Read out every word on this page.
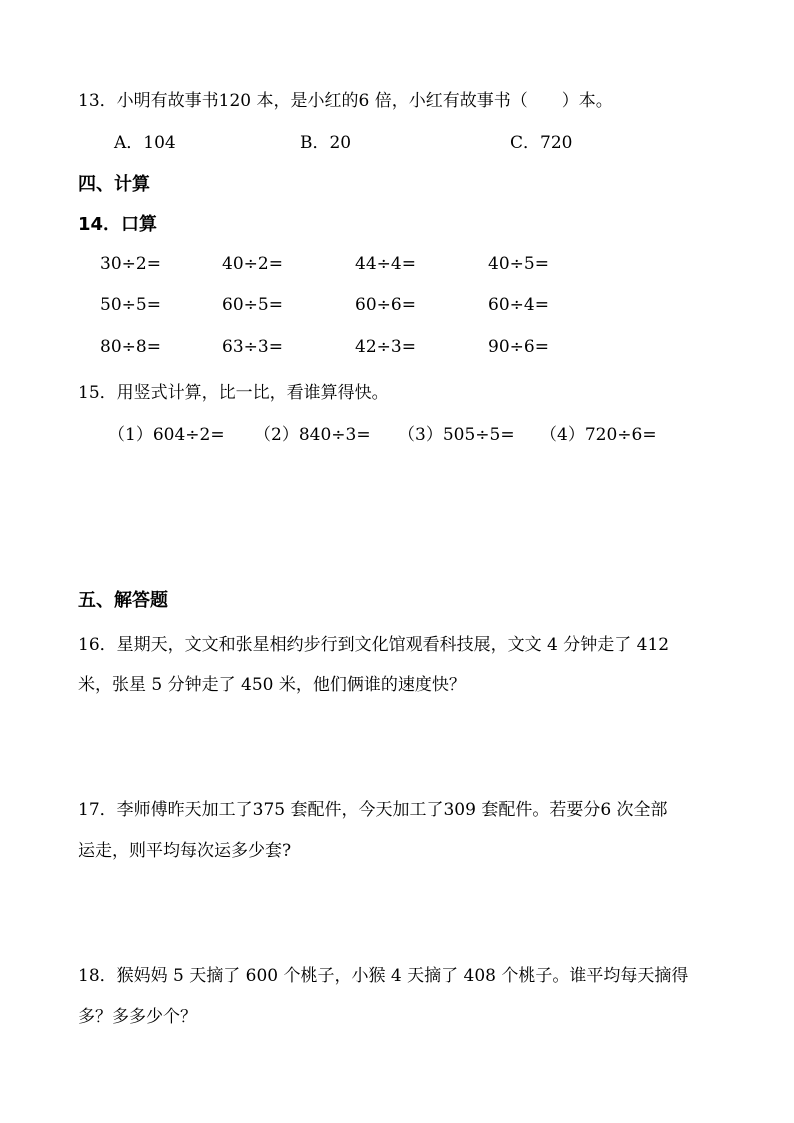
13．小明有故事书120 本，是小红的6 倍，小红有故事书（　　）本。
A．104	B．20	C．720
四、计算
14．口算
30÷2=	40÷2=	44÷4=	40÷5=
50÷5=	60÷5=	60÷6=	60÷4=
80÷8=	63÷3=	42÷3=	90÷6=
15．用竖式计算，比一比，看谁算得快。
（1）604÷2= （2）840÷3= （3）505÷5= （4）720÷6=
五、解答题
16．星期天，文文和张星相约步行到文化馆观看科技展，文文 4 分钟走了 412
米，张星 5 分钟走了 450 米，他们俩谁的速度快？
17．李师傅昨天加工了375 套配件，今天加工了309 套配件。若要分6 次全部
运走，则平均每次运多少套?
18．猴妈妈 5 天摘了 600 个桃子，小猴 4 天摘了 408 个桃子。谁平均每天摘得
多？多多少个？
